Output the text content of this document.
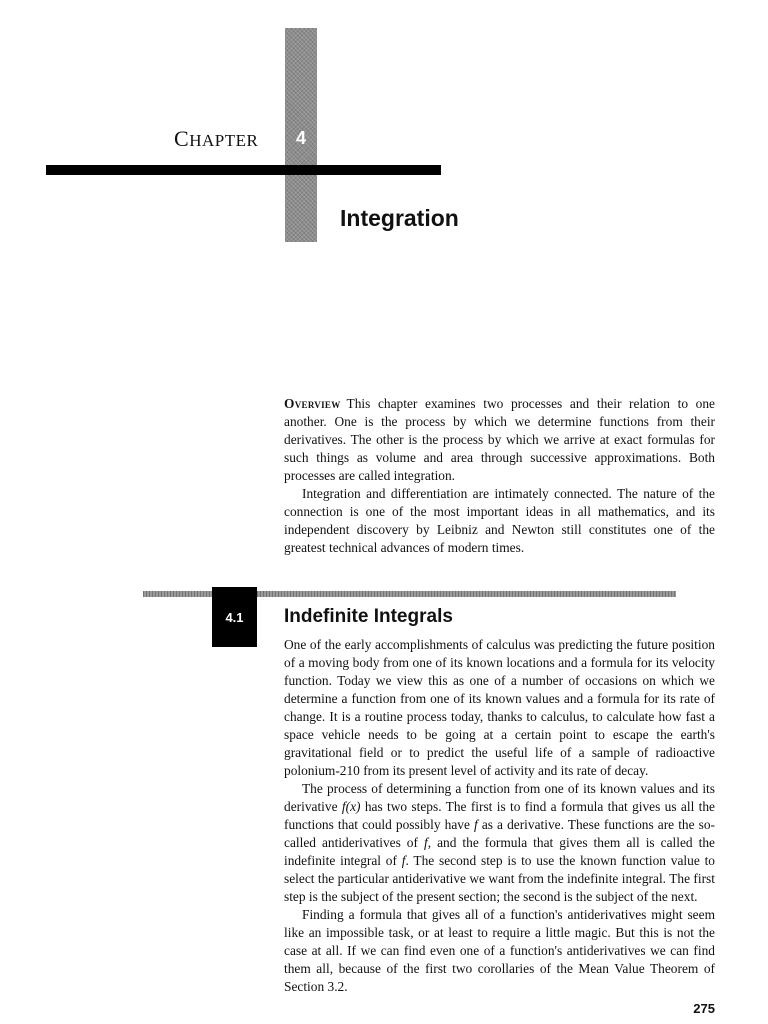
CHAPTER	4
Integration

Overview This chapter examines two processes and their relation to one another. One is the process by which we determine functions from their derivatives. The other is the process by which we arrive at exact formulas for such things as volume and area through successive approximations. Both processes are called integration.

Integration and differentiation are intimately connected. The nature of the connection is one of the most important ideas in all mathematics, and its independent discovery by Leibniz and Newton still constitutes one of the greatest technical advances of modern times.

4.1	Indefinite Integrals

One of the early accomplishments of calculus was predicting the future position of a moving body from one of its known locations and a formula for its velocity function. Today we view this as one of a number of occasions on which we determine a function from one of its known values and a formula for its rate of change. It is a routine process today, thanks to calculus, to calculate how fast a space vehicle needs to be going at a certain point to escape the earth's gravitational field or to predict the useful life of a sample of radioactive polonium-210 from its present level of activity and its rate of decay.

The process of determining a function from one of its known values and its derivative f(x) has two steps. The first is to find a formula that gives us all the functions that could possibly have f as a derivative. These functions are the so-called antiderivatives of f, and the formula that gives them all is called the indefinite integral of f. The second step is to use the known function value to select the particular antiderivative we want from the indefinite integral. The first step is the subject of the present section; the second is the subject of the next.

Finding a formula that gives all of a function's antiderivatives might seem like an impossible task, or at least to require a little magic. But this is not the case at all. If we can find even one of a function's antiderivatives we can find them all, because of the first two corollaries of the Mean Value Theorem of Section 3.2.

275
